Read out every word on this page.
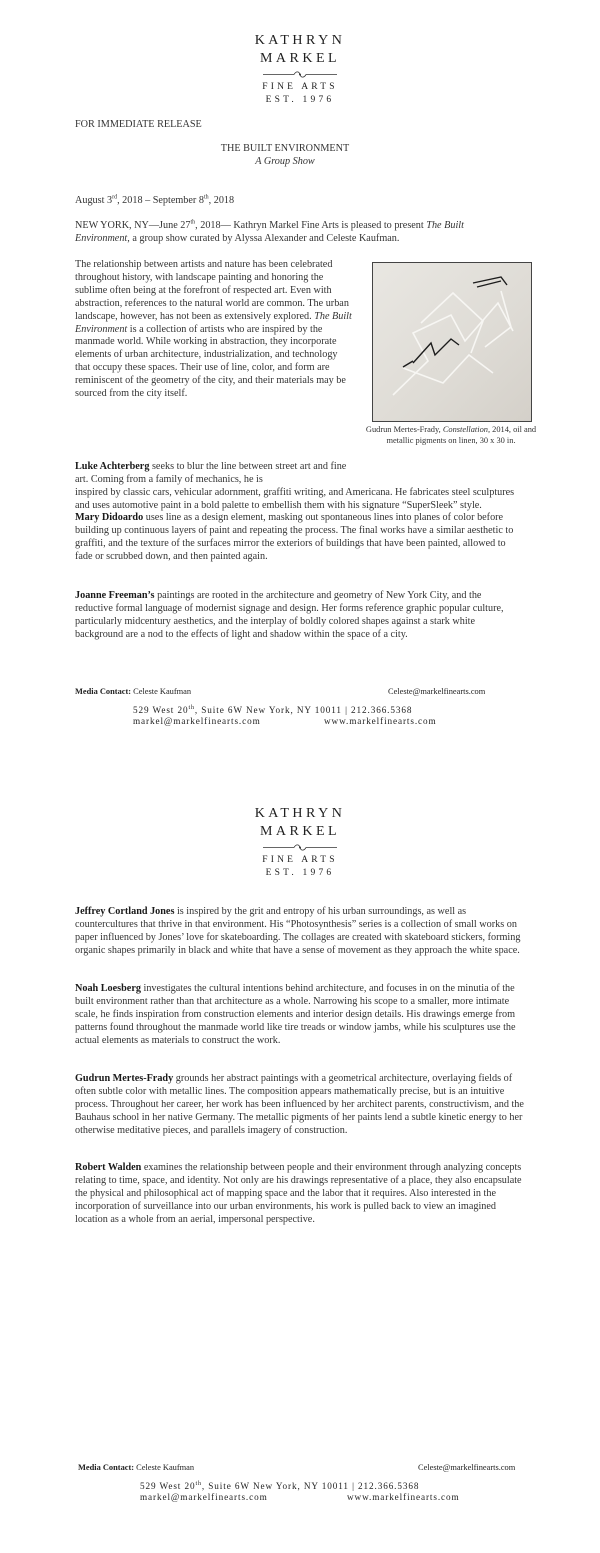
KATHRYN
MARKEL
FINE ARTS
EST. 1976
FOR IMMEDIATE RELEASE
THE BUILT ENVIRONMENT
A Group Show
August 3rd, 2018 – September 8th, 2018
NEW YORK, NY—June 27th, 2018— Kathryn Markel Fine Arts is pleased to present The Built Environment, a group show curated by Alyssa Alexander and Celeste Kaufman.
The relationship between artists and nature has been celebrated throughout history, with landscape painting and honoring the sublime often being at the forefront of respected art. Even with abstraction, references to the natural world are common. The urban landscape, however, has not been as extensively explored. The Built Environment is a collection of artists who are inspired by the manmade world. While working in abstraction, they incorporate elements of urban architecture, industrialization, and technology that occupy these spaces. Their use of line, color, and form are reminiscent of the geometry of the city, and their materials may be sourced from the city itself.
Gudrun Mertes-Frady, Constellation, 2014, oil and metallic pigments on linen, 30 x 30 in.
Luke Achterberg seeks to blur the line between street art and fine art. Coming from a family of mechanics, he is
inspired by classic cars, vehicular adornment, graffiti writing, and Americana. He fabricates steel sculptures and uses automotive paint in a bold palette to embellish them with his signature “SuperSleek” style.
Mary Didoardo uses line as a design element, masking out spontaneous lines into planes of color before building up continuous layers of paint and repeating the process. The final works have a similar aesthetic to graffiti, and the texture of the surfaces mirror the exteriors of buildings that have been painted, allowed to fade or scrubbed down, and then painted again.
Joanne Freeman’s paintings are rooted in the architecture and geometry of New York City, and the reductive formal language of modernist signage and design. Her forms reference graphic popular culture, particularly midcentury aesthetics, and the interplay of boldly colored shapes against a stark white background are a nod to the effects of light and shadow within the space of a city.
Media Contact: Celeste Kaufman	Celeste@markelfinearts.com
529 West 20th, Suite 6W New York, NY 10011 | 212.366.5368
markel@markelfinearts.com	www.markelfinearts.com
KATHRYN
MARKEL
FINE ARTS
EST. 1976
Jeffrey Cortland Jones is inspired by the grit and entropy of his urban surroundings, as well as countercultures that thrive in that environment. His “Photosynthesis” series is a collection of small works on paper influenced by Jones’ love for skateboarding. The collages are created with skateboard stickers, forming organic shapes primarily in black and white that have a sense of movement as they approach the white space.
Noah Loesberg investigates the cultural intentions behind architecture, and focuses in on the minutia of the built environment rather than that architecture as a whole. Narrowing his scope to a smaller, more intimate scale, he finds inspiration from construction elements and interior design details. His drawings emerge from patterns found throughout the manmade world like tire treads or window jambs, while his sculptures use the actual elements as materials to construct the work.
Gudrun Mertes-Frady grounds her abstract paintings with a geometrical architecture, overlaying fields of often subtle color with metallic lines. The composition appears mathematically precise, but is an intuitive process. Throughout her career, her work has been influenced by her architect parents, constructivism, and the Bauhaus school in her native Germany. The metallic pigments of her paints lend a subtle kinetic energy to her otherwise meditative pieces, and parallels imagery of construction.
Robert Walden examines the relationship between people and their environment through analyzing concepts relating to time, space, and identity. Not only are his drawings representative of a place, they also encapsulate the physical and philosophical act of mapping space and the labor that it requires. Also interested in the incorporation of surveillance into our urban environments, his work is pulled back to view an imagined location as a whole from an aerial, impersonal perspective.
Media Contact: Celeste Kaufman	Celeste@markelfinearts.com
529 West 20th, Suite 6W New York, NY 10011 | 212.366.5368
markel@markelfinearts.com	www.markelfinearts.com
